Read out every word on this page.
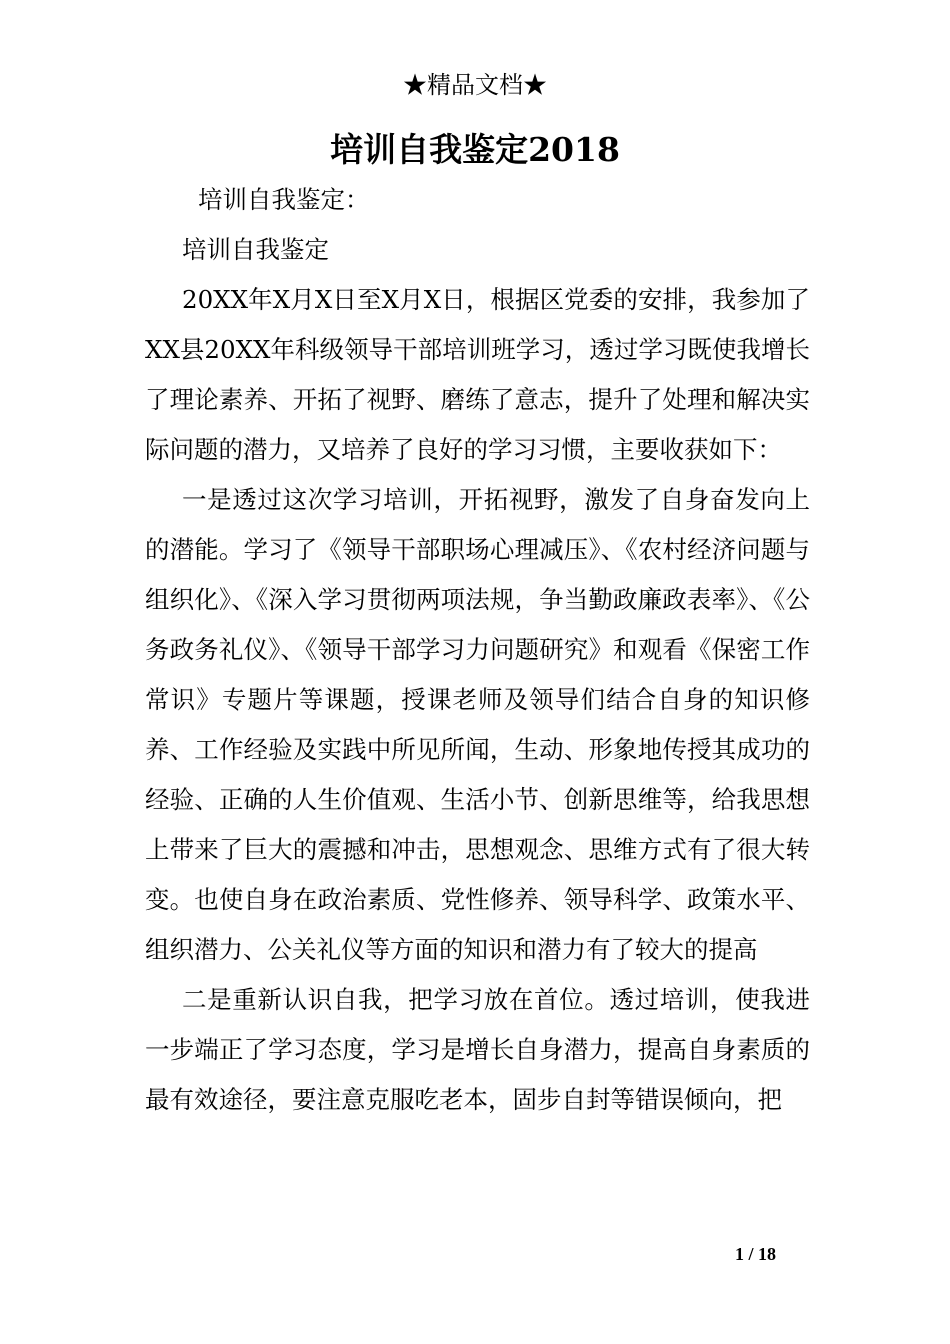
★精品文档★
培训自我鉴定2018

培训自我鉴定：

培训自我鉴定

20XX年X月X日至X月X日，根据区党委的安排，我参加了XX县20XX年科级领导干部培训班学习，透过学习既使我增长了理论素养、开拓了视野、磨练了意志，提升了处理和解决实际问题的潜力，又培养了良好的学习习惯，主要收获如下：

一是透过这次学习培训，开拓视野，激发了自身奋发向上的潜能。学习了《领导干部职场心理减压》、《农村经济问题与组织化》、《深入学习贯彻两项法规，争当勤政廉政表率》、《公务政务礼仪》、《领导干部学习力问题研究》和观看《保密工作常识》专题片等课题，授课老师及领导们结合自身的知识修养、工作经验及实践中所见所闻，生动、形象地传授其成功的经验、正确的人生价值观、生活小节、创新思维等，给我思想上带来了巨大的震撼和冲击，思想观念、思维方式有了很大转变。也使自身在政治素质、党性修养、领导科学、政策水平、组织潜力、公关礼仪等方面的知识和潜力有了较大的提高

二是重新认识自我，把学习放在首位。透过培训，使我进一步端正了学习态度，学习是增长自身潜力，提高自身素质的最有效途径，要注意克服吃老本，固步自封等错误倾向，把

1 / 18
